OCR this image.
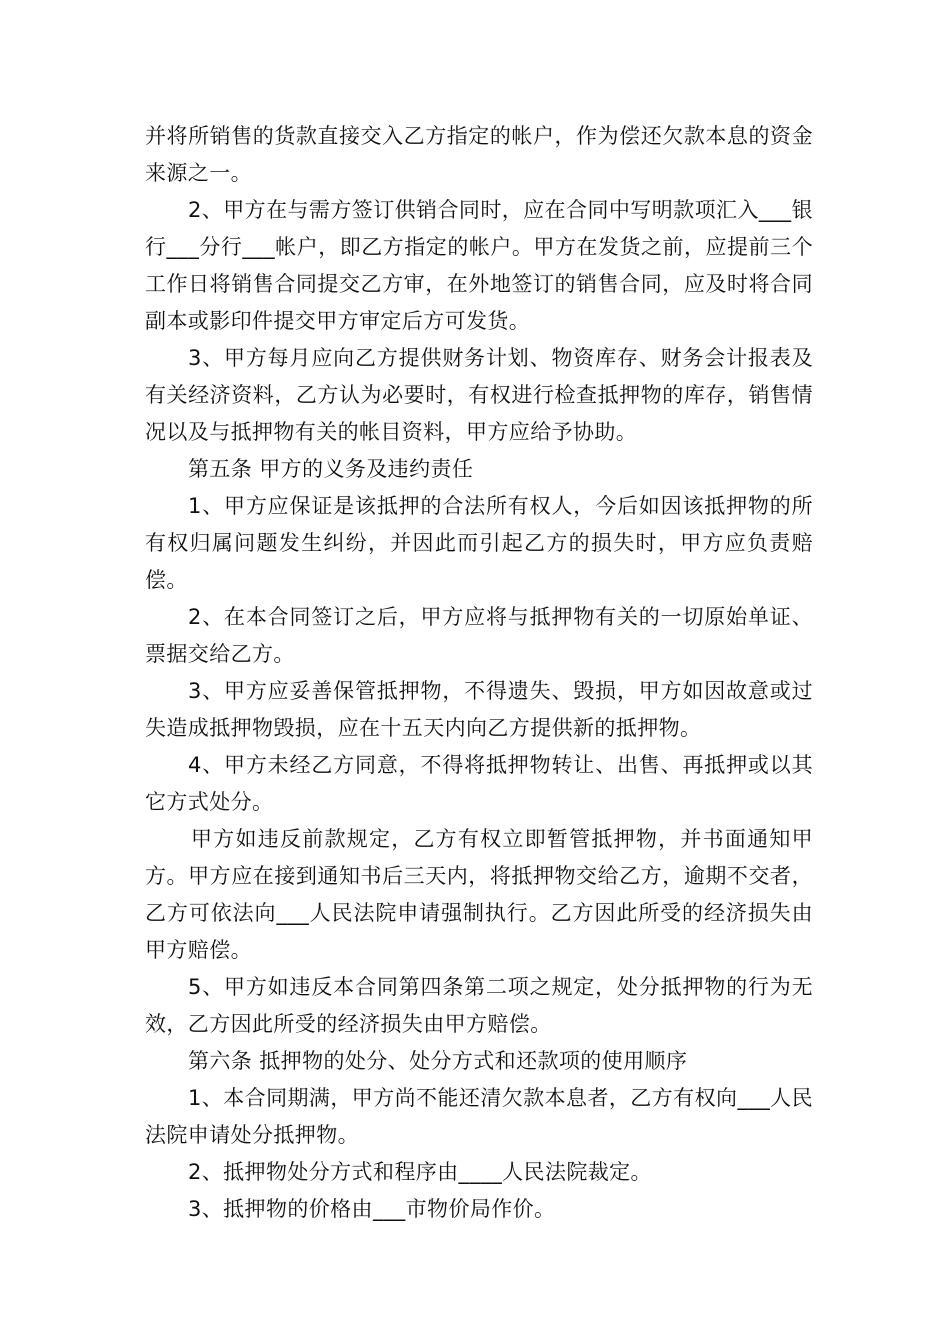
并将所销售的货款直接交入乙方指定的帐户，作为偿还欠款本息的资金来源之一。

2、甲方在与需方签订供销合同时，应在合同中写明款项汇入___银行___分行___帐户，即乙方指定的帐户。甲方在发货之前，应提前三个工作日将销售合同提交乙方审，在外地签订的销售合同，应及时将合同副本或影印件提交甲方审定后方可发货。

3、甲方每月应向乙方提供财务计划、物资库存、财务会计报表及有关经济资料，乙方认为必要时，有权进行检查抵押物的库存，销售情况以及与抵押物有关的帐目资料，甲方应给予协助。

第五条 甲方的义务及违约责任

1、甲方应保证是该抵押的合法所有权人，今后如因该抵押物的所有权归属问题发生纠纷，并因此而引起乙方的损失时，甲方应负责赔偿。

2、在本合同签订之后，甲方应将与抵押物有关的一切原始单证、票据交给乙方。

3、甲方应妥善保管抵押物，不得遗失、毁损，甲方如因故意或过失造成抵押物毁损，应在十五天内向乙方提供新的抵押物。

4、甲方未经乙方同意，不得将抵押物转让、出售、再抵押或以其它方式处分。

甲方如违反前款规定，乙方有权立即暂管抵押物，并书面通知甲方。甲方应在接到通知书后三天内，将抵押物交给乙方，逾期不交者，乙方可依法向___人民法院申请强制执行。乙方因此所受的经济损失由甲方赔偿。

5、甲方如违反本合同第四条第二项之规定，处分抵押物的行为无效，乙方因此所受的经济损失由甲方赔偿。

第六条 抵押物的处分、处分方式和还款项的使用顺序

1、本合同期满，甲方尚不能还清欠款本息者，乙方有权向___人民法院申请处分抵押物。

2、抵押物处分方式和程序由____人民法院裁定。

3、抵押物的价格由___市物价局作价。
